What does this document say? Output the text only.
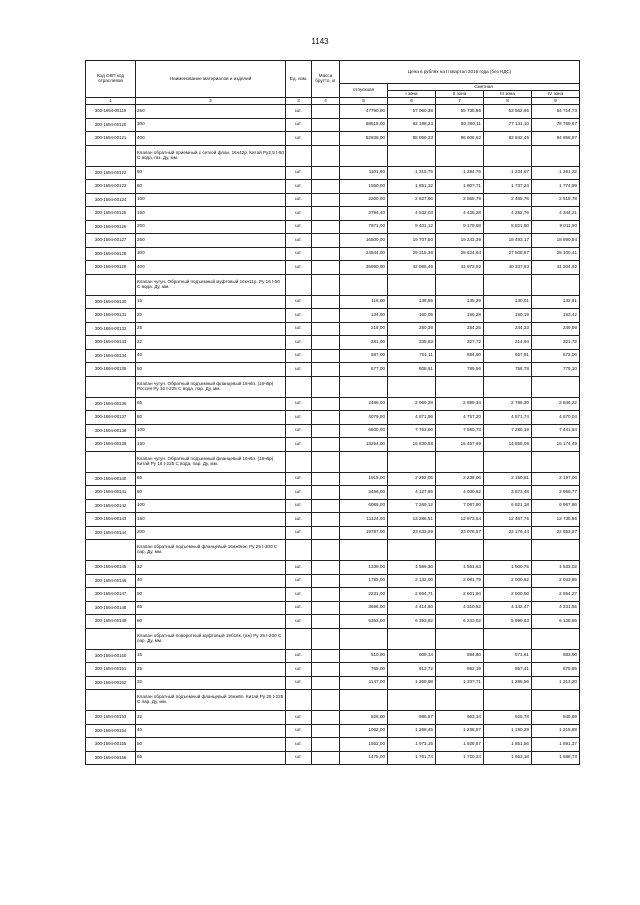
1143
Код ОКП код отраслевой	Наименование материалов и изделий	Ед. изм.	Масса брутто, кг	Цена в рублях на II квартал 2016 года (без НДС)				
				отпускная	Сметная			
					I зона	II зона	III зона	IV зона
1	2	3	4	5	6	7	8	9
300-1694-00119	250	шт.		47790,00	57 060,38	55 735,86	53 562,95	54 714,73
300-1694-00120	300	шт.		68518,00	82 198,23	80 260,11	77 131,10	78 769,67
300-1694-00121	400	шт.		82836,00	98 959,33	96 606,62	92 842,45	94 858,97
	Клапан обратный приемный с сеткой флан. 16ч42р. Китай Ру2,5 t-50 С вода, газ. Ду, мм.							
300-1694-00122	50	шт.		1101,60	1 315,75	1 284,76	1 234,67	1 261,22
300-1694-00123	80	шт.		1550,00	1 851,32	1 807,71	1 737,24	1 774,59
300-1694-00124	100	шт.		2200,00	2 627,66	2 565,79	2 465,76	2 518,78
300-1694-00125	150	шт.		3794,40	4 532,03	4 425,28	4 252,76	4 344,21
300-1694-00126	200	шт.		7871,00	9 401,12	9 179,68	8 821,80	9 011,50
300-1694-00127	250	шт.		16500,00	19 707,60	19 243,39	18 493,17	18 890,84
300-1694-00128	300	шт.		24544,00	29 315,36	28 624,84	27 508,87	28 100,41
300-1694-00129	400	шт.		35990,00	42 986,46	41 973,92	40 337,53	41 204,92
	Клапан чугун. Обратный подъемный муфтовый 16кч11р. Ру 16 t-50 С вода. Ду, мм.							
300-1694-00130	15	шт.		116,00	138,55	135,29	130,01	132,81
300-1694-00131	20	шт.		134,00	160,05	156,28	150,19	153,42
300-1694-00132	25	шт.		218,00	260,38	254,25	244,33	249,59
300-1694-00133	32	шт.		281,00	335,63	327,72	314,94	321,72
300-1694-00134	40	шт.		587,00	701,11	684,60	657,91	672,06
300-1694-00135	50	шт.		677,00	808,61	789,56	758,78	775,10
	Клапан чугун. Обратный подъемный фланцевый 16ч6п. (16ч6р) Россия Ру 16 t-225 С вода, пар. Ду, мм.							
300-1694-00136	65	шт.		2486,00	2 969,28	2 899,34	2 786,30	2 846,22
300-1694-00137	80	шт.		4079,00	4 871,96	4 757,20	4 571,74	4 670,04
300-1694-00138	100	шт.		6500,00	7 763,60	7 580,73	7 285,19	7 441,84
300-1694-00139	150	шт.		13254,00	15 830,58	15 457,69	14 855,06	15 174,49
	Клапан чугун. Обратный подъемный фланцевый 16ч6п. (16ч6р) Китай Ру 16 t-225 С вода, пар. Ду, мм.							
300-1694-00140	65	шт.		1915,00	2 292,05	2 238,06	2 150,81	2 197,06
300-1694-00141	80	шт.		3456,00	4 127,85	4 030,62	3 873,48	3 956,77
300-1694-00142	100	шт.		6086,00	7 269,12	7 097,90	6 821,18	6 967,86
300-1694-00143	150	шт.		11124,00	13 286,51	12 973,54	12 467,75	12 735,86
300-1694-00144	200	шт.		19787,00	23 633,59	23 076,57	22 176,44	22 653,57
	Клапан обратный подъемный фланцевый 16нж9нж. Ру 25 t-300 С пар. Ду, мм.							
300-1694-00145	32	шт.		1339,00	1 599,30	1 561,63	1 500,75	1 533,02
300-1694-00146	40	шт.		1785,00	2 132,00	2 081,79	2 000,62	2 043,65
300-1694-00147	50	шт.		2231,00	2 664,71	2 601,94	2 500,50	2 554,27
300-1694-00148	65	шт.		3696,00	4 414,50	4 310,52	4 142,47	4 231,55
300-1694-00149	80	шт.		5353,00	6 393,62	6 243,02	5 999,63	6 128,65
	Клапан обратный поворотный муфтовый 19б16к. (нж) Ру 25 t-200 С пар. Ду, мм.							
300-1694-00150	15	шт.		510,00	609,14	594,80	571,61	583,90
300-1694-00151	25	шт.		765,00	913,72	892,19	857,41	875,85
300-1694-00152	32	шт.		1147,00	1 369,98	1 337,71	1 285,56	1 313,20
	Клапан обратный подъемный фланцевый 16нж6п. Китай Ру 25 t-225 С пар. Ду, мм.							
300-1694-00153	32	шт.		826,00	986,57	963,34	925,78	945,69
300-1694-00154	40	шт.		1062,00	1 268,45	1 238,57	1 190,29	1 215,88
300-1694-00155	50	шт.		1652,00	1 973,15	1 926,67	1 851,56	1 891,37
300-1694-00156	65	шт.		1475,00	1 761,74	1 720,24	1 653,18	1 688,73
